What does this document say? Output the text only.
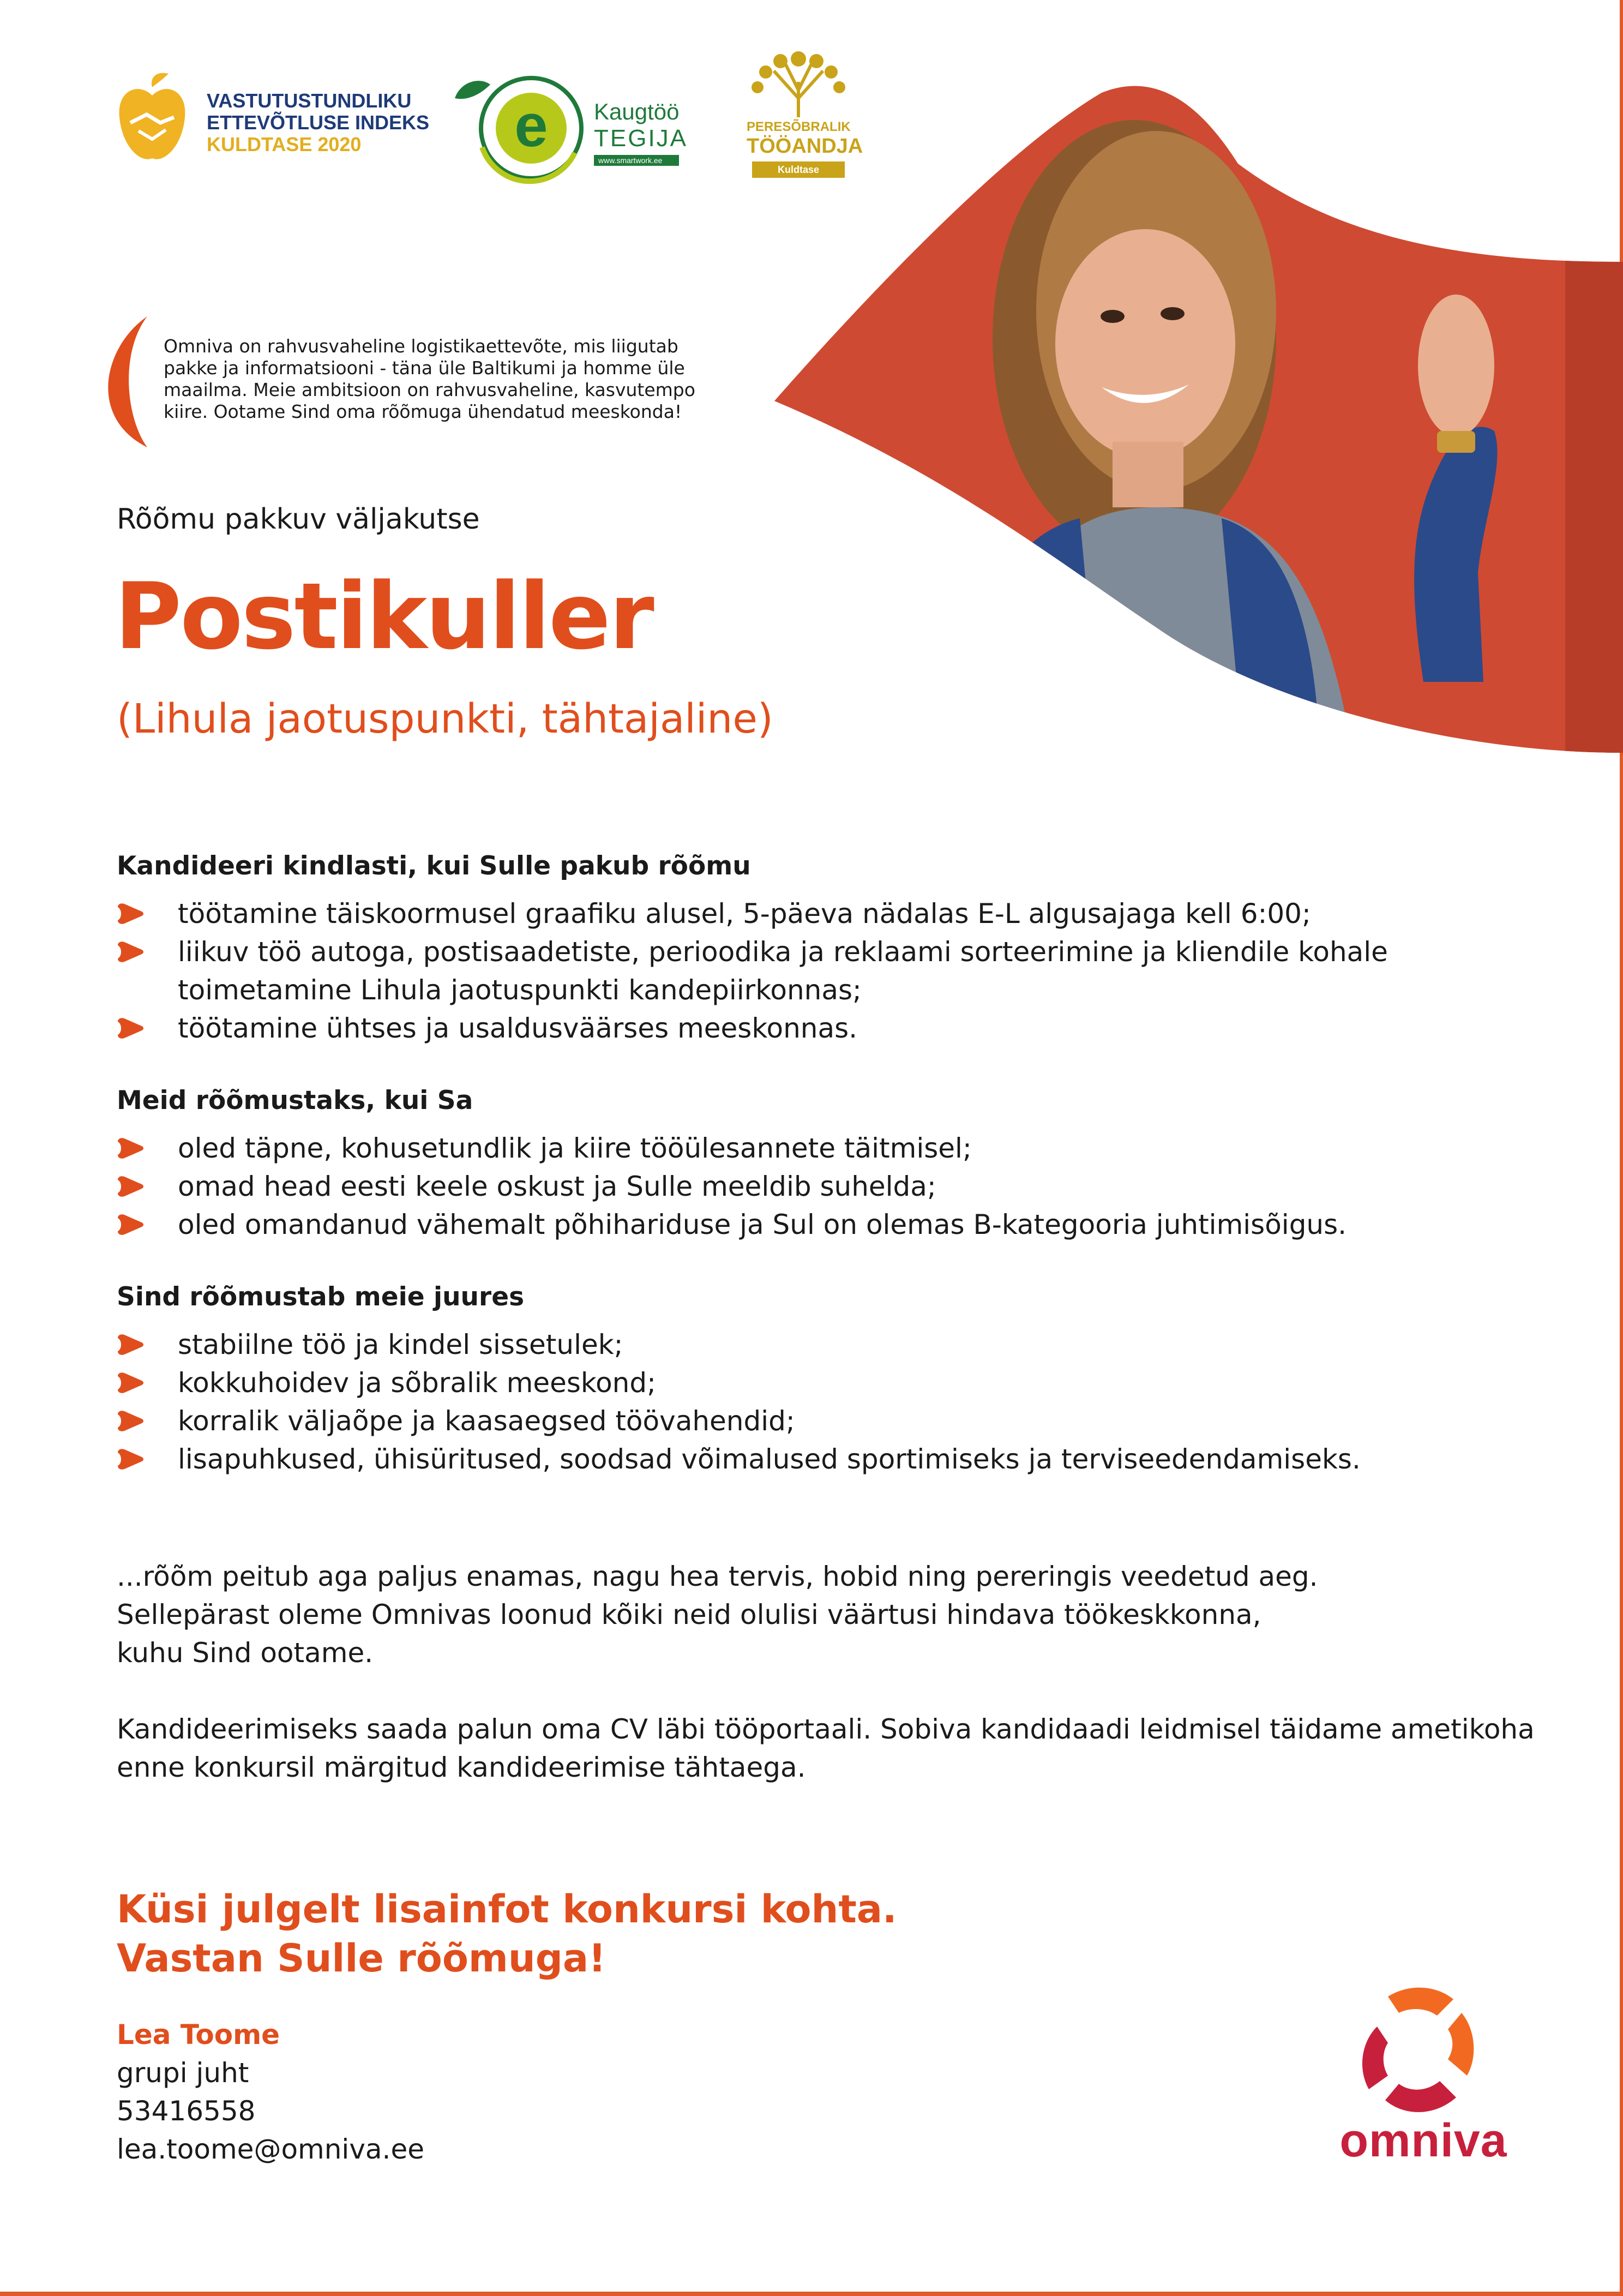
VASTUTUSTUNDLIKU
ETTEVÕTLUSE INDEKS
KULDTASE 2020	e Kaugtöö
TEGIJA
www.smartwork.ee
PERESÕBRALIK
TÖÖANDJA
Kuldtase
Omniva on rahvusvaheline logistikaettevõte, mis liigutab
pakke ja informatsiooni - täna üle Baltikumi ja homme üle
maailma. Meie ambitsioon on rahvusvaheline, kasvutempo
kiire. Ootame Sind oma rõõmuga ühendatud meeskonda!
Rõõmu pakkuv väljakutse
Postikuller
(Lihula jaotuspunkti, tähtajaline)
Kandideeri kindlasti, kui Sulle pakub rõõmu
töötamine täiskoormusel graafiku alusel, 5-päeva nädalas E-L algusajaga kell 6:00;
liikuv töö autoga, postisaadetiste, perioodika ja reklaami sorteerimine ja kliendile kohale toimetamine Lihula jaotuspunkti kandepiirkonnas;
töötamine ühtses ja usaldusväärses meeskonnas.
Meid rõõmustaks, kui Sa
oled täpne, kohusetundlik ja kiire tööülesannete täitmisel;
omad head eesti keele oskust ja Sulle meeldib suhelda;
oled omandanud vähemalt põhihariduse ja Sul on olemas B-kategooria juhtimisõigus.
Sind rõõmustab meie juures
stabiilne töö ja kindel sissetulek;
kokkuhoidev ja sõbralik meeskond;
korralik väljaõpe ja kaasaegsed töövahendid;
lisapuhkused, ühisüritused, soodsad võimalused sportimiseks ja terviseedendamiseks.
...rõõm peitub aga paljus enamas, nagu hea tervis, hobid ning pereringis veedetud aeg.
Sellepärast oleme Omnivas loonud kõiki neid olulisi väärtusi hindava töökeskkonna,
kuhu Sind ootame.
Kandideerimiseks saada palun oma CV läbi tööportaali. Sobiva kandidaadi leidmisel täidame ametikoha
enne konkursil märgitud kandideerimise tähtaega.
Küsi julgelt lisainfot konkursi kohta.
Vastan Sulle rõõmuga!
Lea Toome
grupi juht
53416558
lea.toome@omniva.ee	omniva
